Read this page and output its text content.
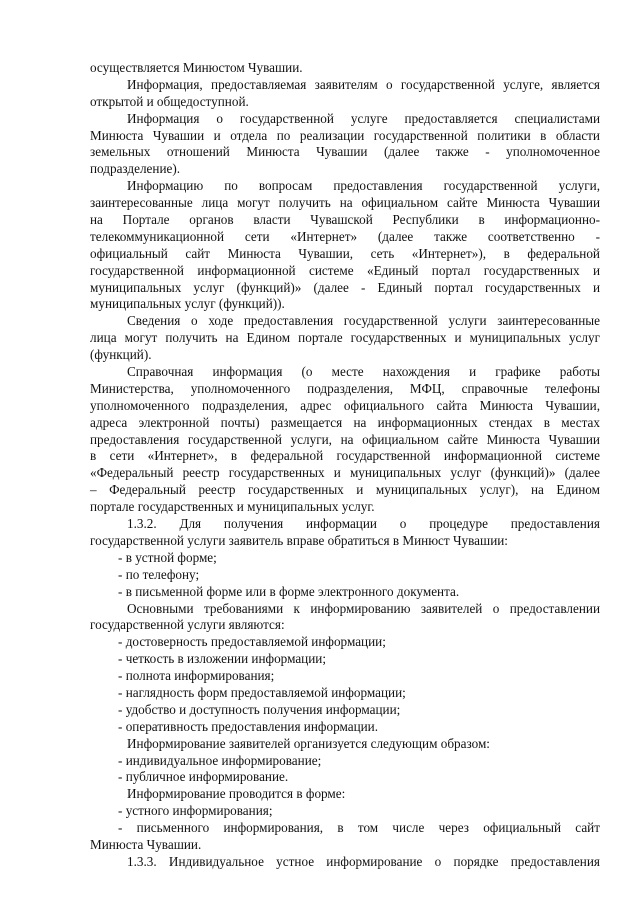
осуществляется Минюстом Чувашии.
Информация, предоставляемая заявителям о государственной услуге, является
открытой и общедоступной.
Информация о государственной услуге предоставляется специалистами
Минюста Чувашии и отдела по реализации государственной политики в области
земельных отношений Минюста Чувашии (далее также - уполномоченное
подразделение).
Информацию по вопросам предоставления государственной услуги,
заинтересованные лица могут получить на официальном сайте Минюста Чувашии
на Портале органов власти Чувашской Республики в информационно-
телекоммуникационной сети «Интернет» (далее также соответственно -
официальный сайт Минюста Чувашии, сеть «Интернет»), в федеральной
государственной информационной системе «Единый портал государственных и
муниципальных услуг (функций)» (далее - Единый портал государственных и
муниципальных услуг (функций)).
Сведения о ходе предоставления государственной услуги заинтересованные
лица могут получить на Едином портале государственных и муниципальных услуг
(функций).
Справочная информация (о месте нахождения и графике работы
Министерства, уполномоченного подразделения, МФЦ, справочные телефоны
уполномоченного подразделения, адрес официального сайта Минюста Чувашии,
адреса электронной почты) размещается на информационных стендах в местах
предоставления государственной услуги, на официальном сайте Минюста Чувашии
в сети «Интернет», в федеральной государственной информационной системе
«Федеральный реестр государственных и муниципальных услуг (функций)» (далее
– Федеральный реестр государственных и муниципальных услуг), на Едином
портале государственных и муниципальных услуг.
1.3.2. Для получения информации о процедуре предоставления
государственной услуги заявитель вправе обратиться в Минюст Чувашии:
- в устной форме;
- по телефону;
- в письменной форме или в форме электронного документа.
Основными требованиями к информированию заявителей о предоставлении
государственной услуги являются:
- достоверность предоставляемой информации;
- четкость в изложении информации;
- полнота информирования;
- наглядность форм предоставляемой информации;
- удобство и доступность получения информации;
- оперативность предоставления информации.
Информирование заявителей организуется следующим образом:
- индивидуальное информирование;
- публичное информирование.
Информирование проводится в форме:
- устного информирования;
- письменного информирования, в том числе через официальный сайт
Минюста Чувашии.
1.3.3. Индивидуальное устное информирование о порядке предоставления
